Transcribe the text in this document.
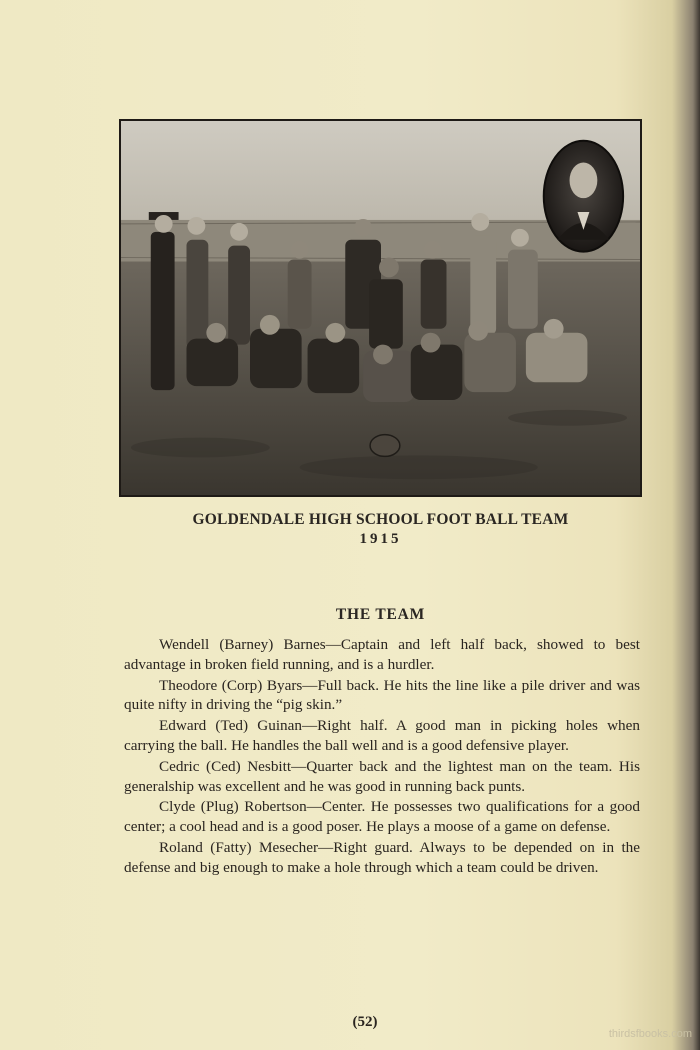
GOLDENDALE HIGH SCHOOL FOOT BALL TEAM
1915
THE TEAM

Wendell (Barney) Barnes—Captain and left half back, showed to best advantage in broken field running, and is a hurdler.

Theodore (Corp) Byars—Full back. He hits the line like a pile driver and was quite nifty in driving the “pig skin.”

Edward (Ted) Guinan—Right half. A good man in picking holes when carrying the ball. He handles the ball well and is a good defensive player.

Cedric (Ced) Nesbitt—Quarter back and the lightest man on the team. His generalship was excellent and he was good in running back punts.

Clyde (Plug) Robertson—Center. He possesses two qualifications for a good center; a cool head and is a good poser. He plays a moose of a game on defense.

Roland (Fatty) Mesecher—Right guard. Always to be depended on in the defense and big enough to make a hole through which a team could be driven.

(52)
thirdsfbooks.com
